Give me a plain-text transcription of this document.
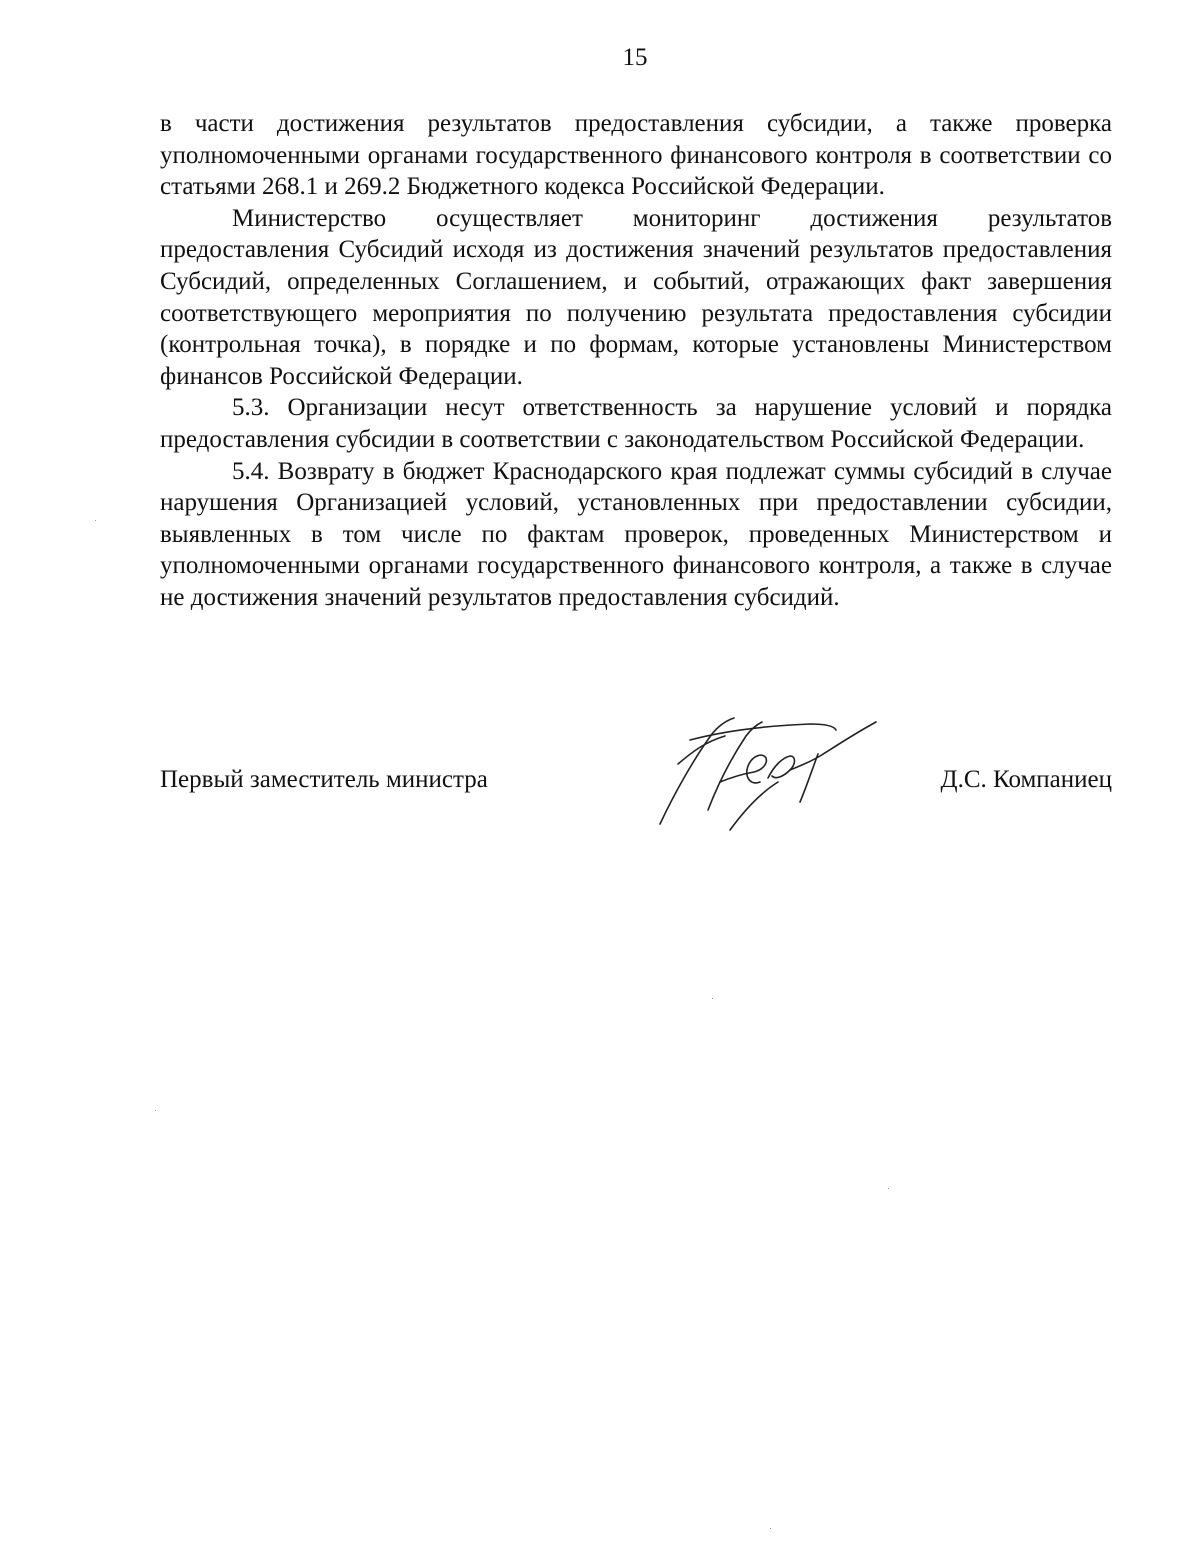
15

в части достижения результатов предоставления субсидии, а также проверка уполномоченными органами государственного финансового контроля в соответствии со статьями 268.1 и 269.2 Бюджетного кодекса Российской Федерации.

Министерство осуществляет мониторинг достижения результатов предоставления Субсидий исходя из достижения значений результатов предоставления Субсидий, определенных Соглашением, и событий, отражающих факт завершения соответствующего мероприятия по получению результата предоставления субсидии (контрольная точка), в порядке и по формам, которые установлены Министерством финансов Российской Федерации.

5.3. Организации несут ответственность за нарушение условий и порядка предоставления субсидии в соответствии с законодательством Российской Федерации.

5.4. Возврату в бюджет Краснодарского края подлежат суммы субсидий в случае нарушения Организацией условий, установленных при предоставлении субсидии, выявленных в том числе по фактам проверок, проведенных Министерством и уполномоченными органами государственного финансового контроля, а также в случае не достижения значений результатов предоставления субсидий.

Первый заместитель министра	Д.С. Компаниец
